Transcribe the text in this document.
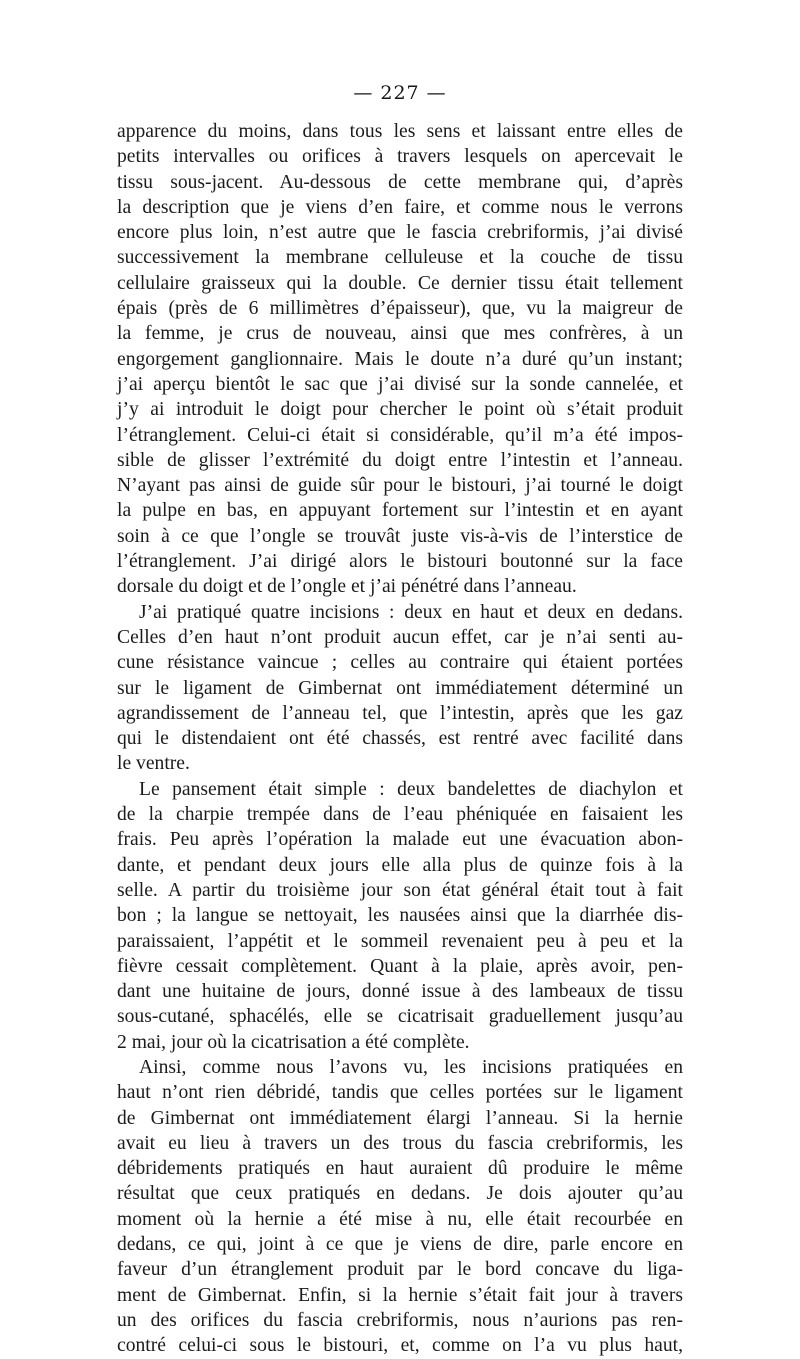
— 227 —
apparence du moins, dans tous les sens et laissant entre elles de
petits intervalles ou orifices à travers lesquels on apercevait le
tissu sous-jacent. Au-dessous de cette membrane qui, d’après
la description que je viens d’en faire, et comme nous le verrons
encore plus loin, n’est autre que le fascia crebriformis, j’ai divisé
successivement la membrane celluleuse et la couche de tissu
cellulaire graisseux qui la double. Ce dernier tissu était tellement
épais (près de 6 millimètres d’épaisseur), que, vu la maigreur de
la femme, je crus de nouveau, ainsi que mes confrères, à un
engorgement ganglionnaire. Mais le doute n’a duré qu’un instant;
j’ai aperçu bientôt le sac que j’ai divisé sur la sonde cannelée, et
j’y ai introduit le doigt pour chercher le point où s’était produit
l’étranglement. Celui-ci était si considérable, qu’il m’a été impos-
sible de glisser l’extrémité du doigt entre l’intestin et l’anneau.
N’ayant pas ainsi de guide sûr pour le bistouri, j’ai tourné le doigt
la pulpe en bas, en appuyant fortement sur l’intestin et en ayant
soin à ce que l’ongle se trouvât juste vis-à-vis de l’interstice de
l’étranglement. J’ai dirigé alors le bistouri boutonné sur la face
dorsale du doigt et de l’ongle et j’ai pénétré dans l’anneau.
J’ai pratiqué quatre incisions : deux en haut et deux en dedans.
Celles d’en haut n’ont produit aucun effet, car je n’ai senti au-
cune résistance vaincue ; celles au contraire qui étaient portées
sur le ligament de Gimbernat ont immédiatement déterminé un
agrandissement de l’anneau tel, que l’intestin, après que les gaz
qui le distendaient ont été chassés, est rentré avec facilité dans
le ventre.
Le pansement était simple : deux bandelettes de diachylon et
de la charpie trempée dans de l’eau phéniquée en faisaient les
frais. Peu après l’opération la malade eut une évacuation abon-
dante, et pendant deux jours elle alla plus de quinze fois à la
selle. A partir du troisième jour son état général était tout à fait
bon ; la langue se nettoyait, les nausées ainsi que la diarrhée dis-
paraissaient, l’appétit et le sommeil revenaient peu à peu et la
fièvre cessait complètement. Quant à la plaie, après avoir, pen-
dant une huitaine de jours, donné issue à des lambeaux de tissu
sous-cutané, sphacélés, elle se cicatrisait graduellement jusqu’au
2 mai, jour où la cicatrisation a été complète.
Ainsi, comme nous l’avons vu, les incisions pratiquées en
haut n’ont rien débridé, tandis que celles portées sur le ligament
de Gimbernat ont immédiatement élargi l’anneau. Si la hernie
avait eu lieu à travers un des trous du fascia crebriformis, les
débridements pratiqués en haut auraient dû produire le même
résultat que ceux pratiqués en dedans. Je dois ajouter qu’au
moment où la hernie a été mise à nu, elle était recourbée en
dedans, ce qui, joint à ce que je viens de dire, parle encore en
faveur d’un étranglement produit par le bord concave du liga-
ment de Gimbernat. Enfin, si la hernie s’était fait jour à travers
un des orifices du fascia crebriformis, nous n’aurions pas ren-
contré celui-ci sous le bistouri, et, comme on l’a vu plus haut,
